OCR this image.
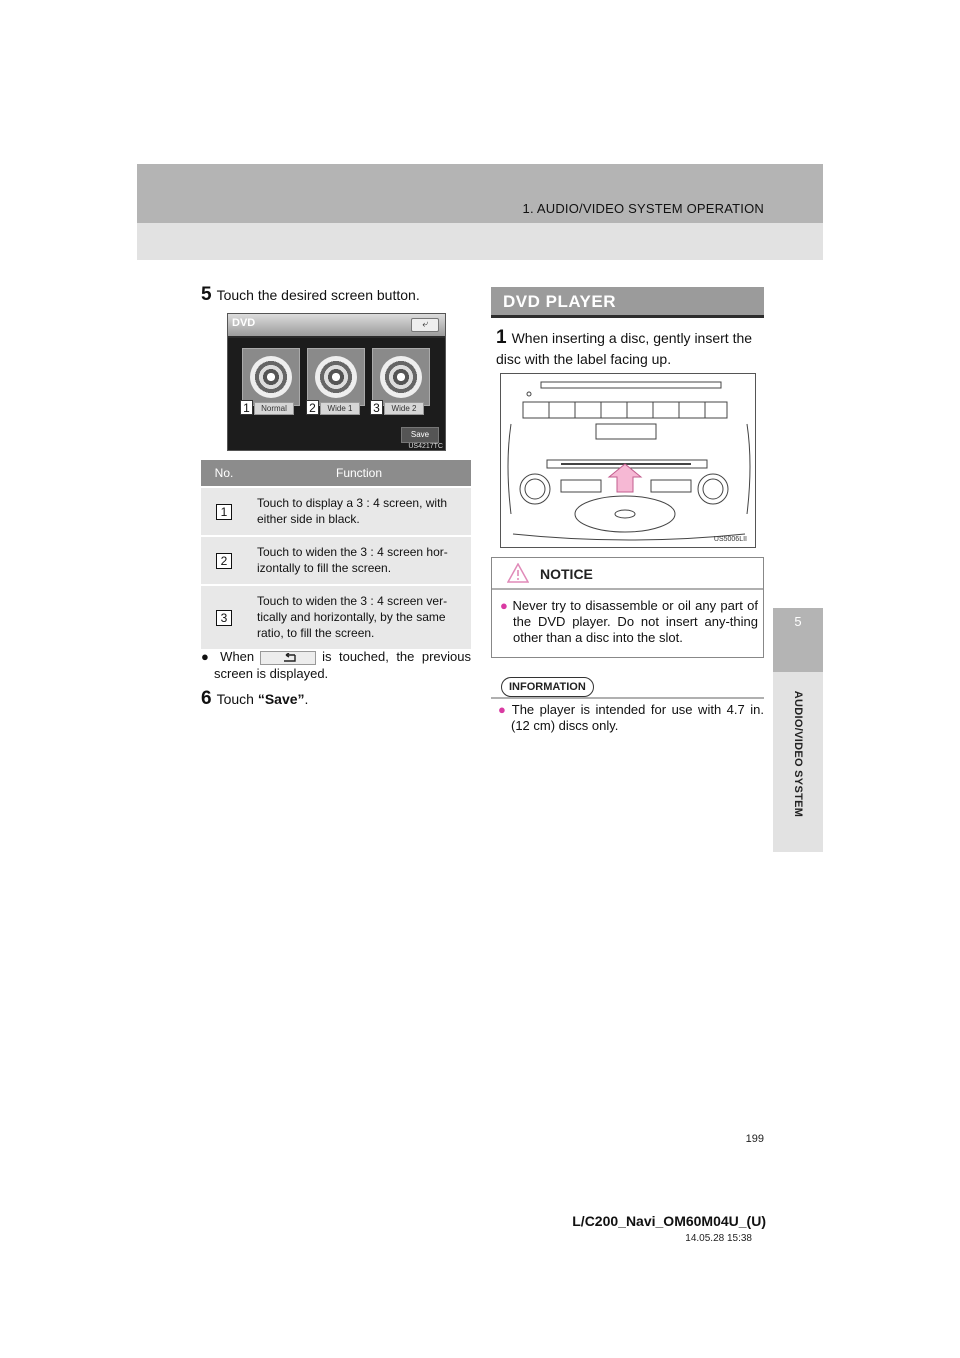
1. AUDIO/VIDEO SYSTEM OPERATION
5
AUDIO/VIDEO SYSTEM
5 Touch the desired screen button.
DVD	⤶
1	Normal	2	Wide 1	3	Wide 2
Save
US4217TC
No.	Function
1	Touch to display a 3 : 4 screen, with either side in black.
2	Touch to widen the 3 : 4 screen hor-izontally to fill the screen.
3	Touch to widen the 3 : 4 screen ver-tically and horizontally, by the same ratio, to fill the screen.
● When	is touched, the previous screen is displayed.
6 Touch “Save”.
DVD PLAYER
1 When inserting a disc, gently insert the disc with the label facing up.
US5006LII
NOTICE
● Never try to disassemble or oil any part of the DVD player. Do not insert any-thing other than a disc into the slot.
INFORMATION
● The player is intended for use with 4.7 in. (12 cm) discs only.
199
L/C200_Navi_OM60M04U_(U)
14.05.28 15:38
